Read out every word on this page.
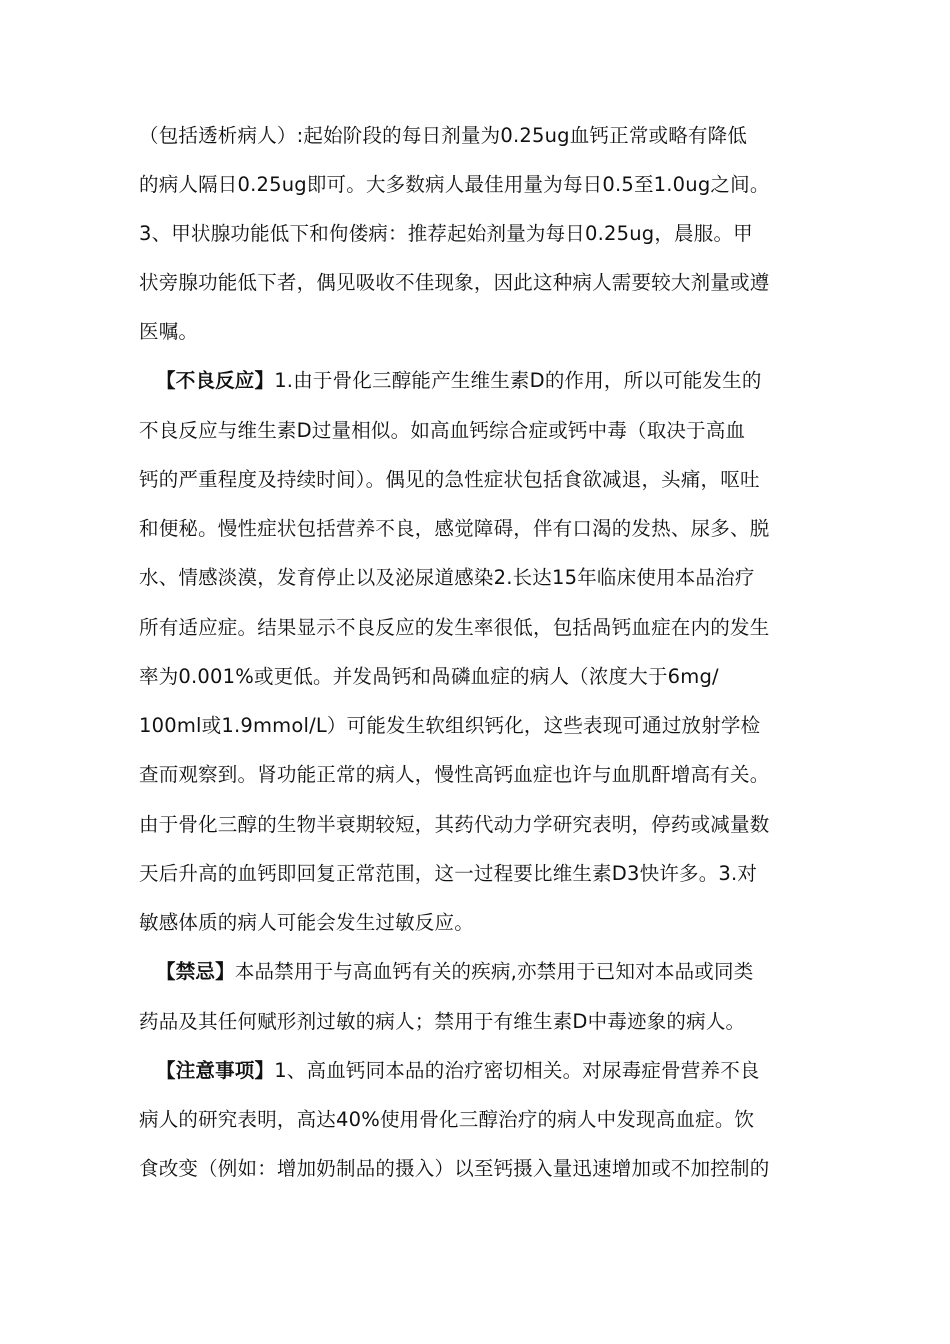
（包括透析病人）:起始阶段的每日剂量为0.25ug血钙正常或略有降低
的病人隔日0.25ug即可。大多数病人最佳用量为每日0.5至1.0ug之间。
3、甲状腺功能低下和佝偻病：推荐起始剂量为每日0.25ug，晨服。甲
状旁腺功能低下者，偶见吸收不佳现象，因此这种病人需要较大剂量或遵
医嘱。
【不良反应】1.由于骨化三醇能产生维生素D的作用，所以可能发生的
不良反应与维生素D过量相似。如高血钙综合症或钙中毒（取决于高血
钙的严重程度及持续时间）。偶见的急性症状包括食欲减退，头痛，呕吐
和便秘。慢性症状包括营养不良，感觉障碍，伴有口渴的发热、尿多、脱
水、情感淡漠，发育停止以及泌尿道感染2.长达15年临床使用本品治疗
所有适应症。结果显示不良反应的发生率很低，包括咼钙血症在内的发生
率为0.001%或更低。并发咼钙和咼磷血症的病人（浓度大于6mg/
100ml或1.9mmol/L）可能发生软组织钙化，这些表现可通过放射学检
查而观察到。肾功能正常的病人，慢性高钙血症也许与血肌酐增高有关。
由于骨化三醇的生物半衰期较短，其药代动力学研究表明，停药或减量数
天后升高的血钙即回复正常范围，这一过程要比维生素D3快许多。3.对
敏感体质的病人可能会发生过敏反应。
【禁忌】本品禁用于与高血钙有关的疾病,亦禁用于已知对本品或同类
药品及其任何赋形剂过敏的病人；禁用于有维生素D中毒迹象的病人。
【注意事项】1、高血钙同本品的治疗密切相关。对尿毒症骨营养不良
病人的研究表明，高达40%使用骨化三醇治疗的病人中发现高血症。饮
食改变（例如：增加奶制品的摄入）以至钙摄入量迅速增加或不加控制的
